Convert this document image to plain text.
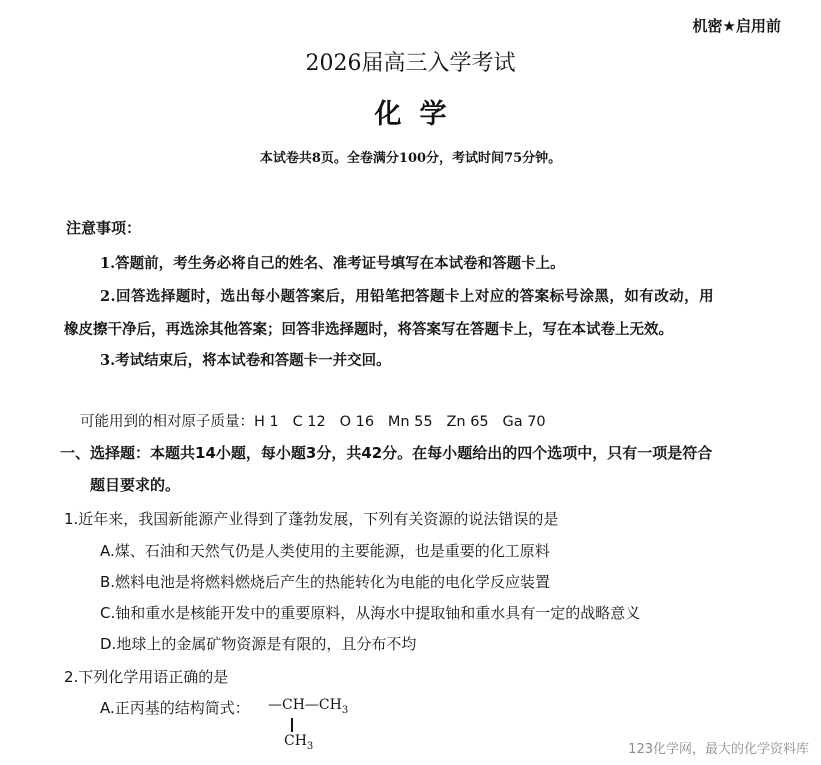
机密★启用前
2026届高三入学考试
化学
本试卷共8页。全卷满分100分，考试时间75分钟。
注意事项：
1.答题前，考生务必将自己的姓名、准考证号填写在本试卷和答题卡上。
2.回答选择题时，选出每小题答案后，用铅笔把答题卡上对应的答案标号涂黑，如有改动，用
橡皮擦干净后，再选涂其他答案；回答非选择题时，将答案写在答题卡上，写在本试卷上无效。
3.考试结束后，将本试卷和答题卡一并交回。
可能用到的相对原子质量：H 1   C 12   O 16   Mn 55   Zn 65   Ga 70
一、选择题：本题共14小题，每小题3分，共42分。在每小题给出的四个选项中，只有一项是符合
题目要求的。
1.近年来，我国新能源产业得到了蓬勃发展，下列有关资源的说法错误的是
A.煤、石油和天然气仍是人类使用的主要能源，也是重要的化工原料
B.燃料电池是将燃料燃烧后产生的热能转化为电能的电化学反应装置
C.铀和重水是核能开发中的重要原料，从海水中提取铀和重水具有一定的战略意义
D.地球上的金属矿物资源是有限的，且分布不均
2.下列化学用语正确的是
A.正丙基的结构简式： $—CH—CH_3$
$CH_3$	123化学网，最大的化学资料库
